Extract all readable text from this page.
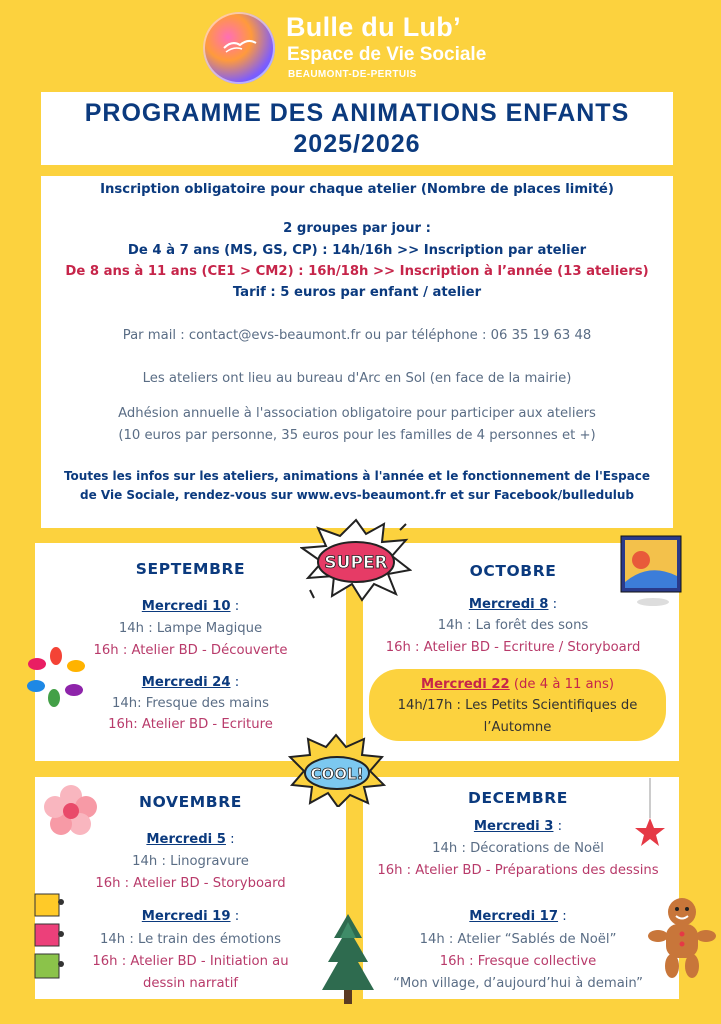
Bulle du Lub’
Espace de Vie Sociale
BEAUMONT-DE-PERTUIS
PROGRAMME DES ANIMATIONS ENFANTS
2025/2026
Inscription obligatoire pour chaque atelier (Nombre de places limité)
2 groupes par jour :
De 4 à 7 ans (MS, GS, CP) : 14h/16h >> Inscription par atelier
De 8 ans à 11 ans (CE1 > CM2) : 16h/18h >> Inscription à l’année (13 ateliers)
Tarif : 5 euros par enfant / atelier
Par mail : contact@evs-beaumont.fr ou par téléphone : 06 35 19 63 48
Les ateliers ont lieu au bureau d'Arc en Sol (en face de la mairie)
Adhésion annuelle à l'association obligatoire pour participer aux ateliers
(10 euros par personne, 35 euros pour les familles de 4 personnes et +)
Toutes les infos sur les ateliers, animations à l'année et le fonctionnement de l'Espace
de Vie Sociale, rendez-vous sur www.evs-beaumont.fr et sur Facebook/bulledulub
SEPTEMBRE
Mercredi 10 :
14h : Lampe Magique
16h : Atelier BD - Découverte
Mercredi 24 :
14h: Fresque des mains
16h: Atelier BD - Ecriture
OCTOBRE
Mercredi 8 :
14h : La forêt des sons
16h : Atelier BD - Ecriture / Storyboard
Mercredi 22 (de 4 à 11 ans)
14h/17h : Les Petits Scientifiques de
l’Automne
NOVEMBRE
Mercredi 5 :
14h : Linogravure
16h : Atelier BD - Storyboard
Mercredi 19 :
14h : Le train des émotions
16h : Atelier BD - Initiation au
dessin narratif
DECEMBRE
Mercredi 3 :
14h : Décorations de Noël
16h : Atelier BD - Préparations des dessins
Mercredi 17 :
14h : Atelier “Sablés de Noël”
16h : Fresque collective
“Mon village, d’aujourd’hui à demain”
SUPER
COOL!
